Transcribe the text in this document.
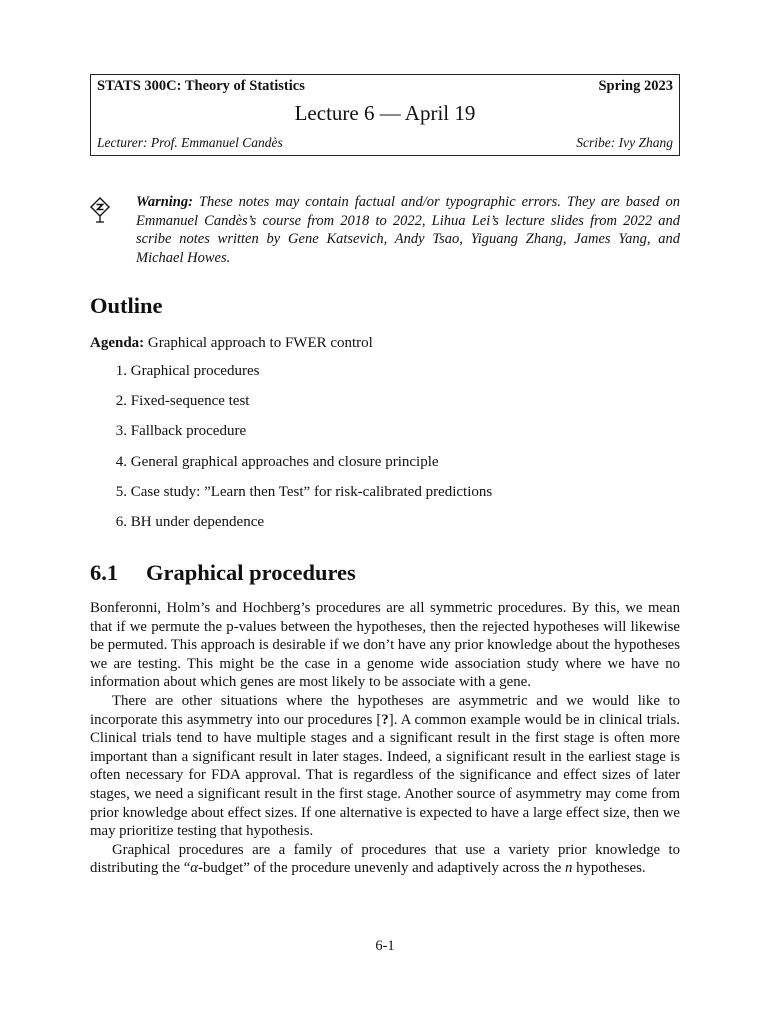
STATS 300C: Theory of Statistics	Spring 2023
Lecture 6 — April 19
Lecturer: Prof. Emmanuel Candès	Scribe: Ivy Zhang
Warning: These notes may contain factual and/or typographic errors. They are based on Emmanuel Candès’s course from 2018 to 2022, Lihua Lei’s lecture slides from 2022 and scribe notes written by Gene Katsevich, Andy Tsao, Yiguang Zhang, James Yang, and Michael Howes.
Outline
Agenda: Graphical approach to FWER control
1. Graphical procedures
2. Fixed-sequence test
3. Fallback procedure
4. General graphical approaches and closure principle
5. Case study: ”Learn then Test” for risk-calibrated predictions
6. BH under dependence
6.1 Graphical procedures

Bonferonni, Holm’s and Hochberg’s procedures are all symmetric procedures. By this, we mean that if we permute the p-values between the hypotheses, then the rejected hypotheses will likewise be permuted. This approach is desirable if we don’t have any prior knowledge about the hypotheses we are testing. This might be the case in a genome wide association study where we have no information about which genes are most likely to be associate with a gene.

There are other situations where the hypotheses are asymmetric and we would like to incorporate this asymmetry into our procedures [?]. A common example would be in clinical trials. Clinical trials tend to have multiple stages and a significant result in the first stage is often more important than a significant result in later stages. Indeed, a significant result in the earliest stage is often necessary for FDA approval. That is regardless of the significance and effect sizes of later stages, we need a significant result in the first stage. Another source of asymmetry may come from prior knowledge about effect sizes. If one alternative is expected to have a large effect size, then we may prioritize testing that hypothesis.

Graphical procedures are a family of procedures that use a variety prior knowledge to distributing the “α-budget” of the procedure unevenly and adaptively across the n hypotheses.

6-1
